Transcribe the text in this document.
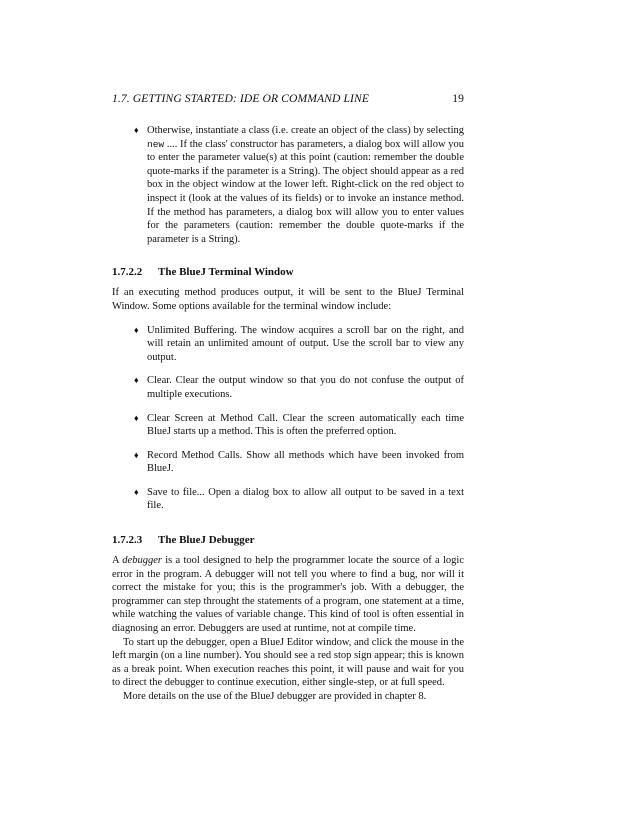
1.7. GETTING STARTED: IDE OR COMMAND LINE	19
♦ Otherwise, instantiate a class (i.e. create an object of the class) by selecting new .... If the class' constructor has parameters, a dialog box will allow you to enter the parameter value(s) at this point (caution: remember the double quote-marks if the parameter is a String). The object should appear as a red box in the object window at the lower left. Right-click on the red object to inspect it (look at the values of its fields) or to invoke an instance method. If the method has parameters, a dialog box will allow you to enter values for the parameters (caution: remember the double quote-marks if the parameter is a String).
1.7.2.2 The BlueJ Terminal Window

If an executing method produces output, it will be sent to the BlueJ Terminal Window. Some options available for the terminal window include:

♦ Unlimited Buffering. The window acquires a scroll bar on the right, and will retain an unlimited amount of output. Use the scroll bar to view any output.
♦ Clear. Clear the output window so that you do not confuse the output of multiple executions.
♦ Clear Screen at Method Call. Clear the screen automatically each time BlueJ starts up a method. This is often the preferred option.
♦ Record Method Calls. Show all methods which have been invoked from BlueJ.
♦ Save to file... Open a dialog box to allow all output to be saved in a text file.
1.7.2.3 The BlueJ Debugger

A debugger is a tool designed to help the programmer locate the source of a logic error in the program. A debugger will not tell you where to find a bug, nor will it correct the mistake for you; this is the programmer's job. With a debugger, the programmer can step throught the statements of a program, one statement at a time, while watching the values of variable change. This kind of tool is often essential in diagnosing an error. Debuggers are used at runtime, not at compile time.

To start up the debugger, open a BlueJ Editor window, and click the mouse in the left margin (on a line number). You should see a red stop sign appear; this is known as a break point. When execution reaches this point, it will pause and wait for you to direct the debugger to continue execution, either single-step, or at full speed.

More details on the use of the BlueJ debugger are provided in chapter 8.
